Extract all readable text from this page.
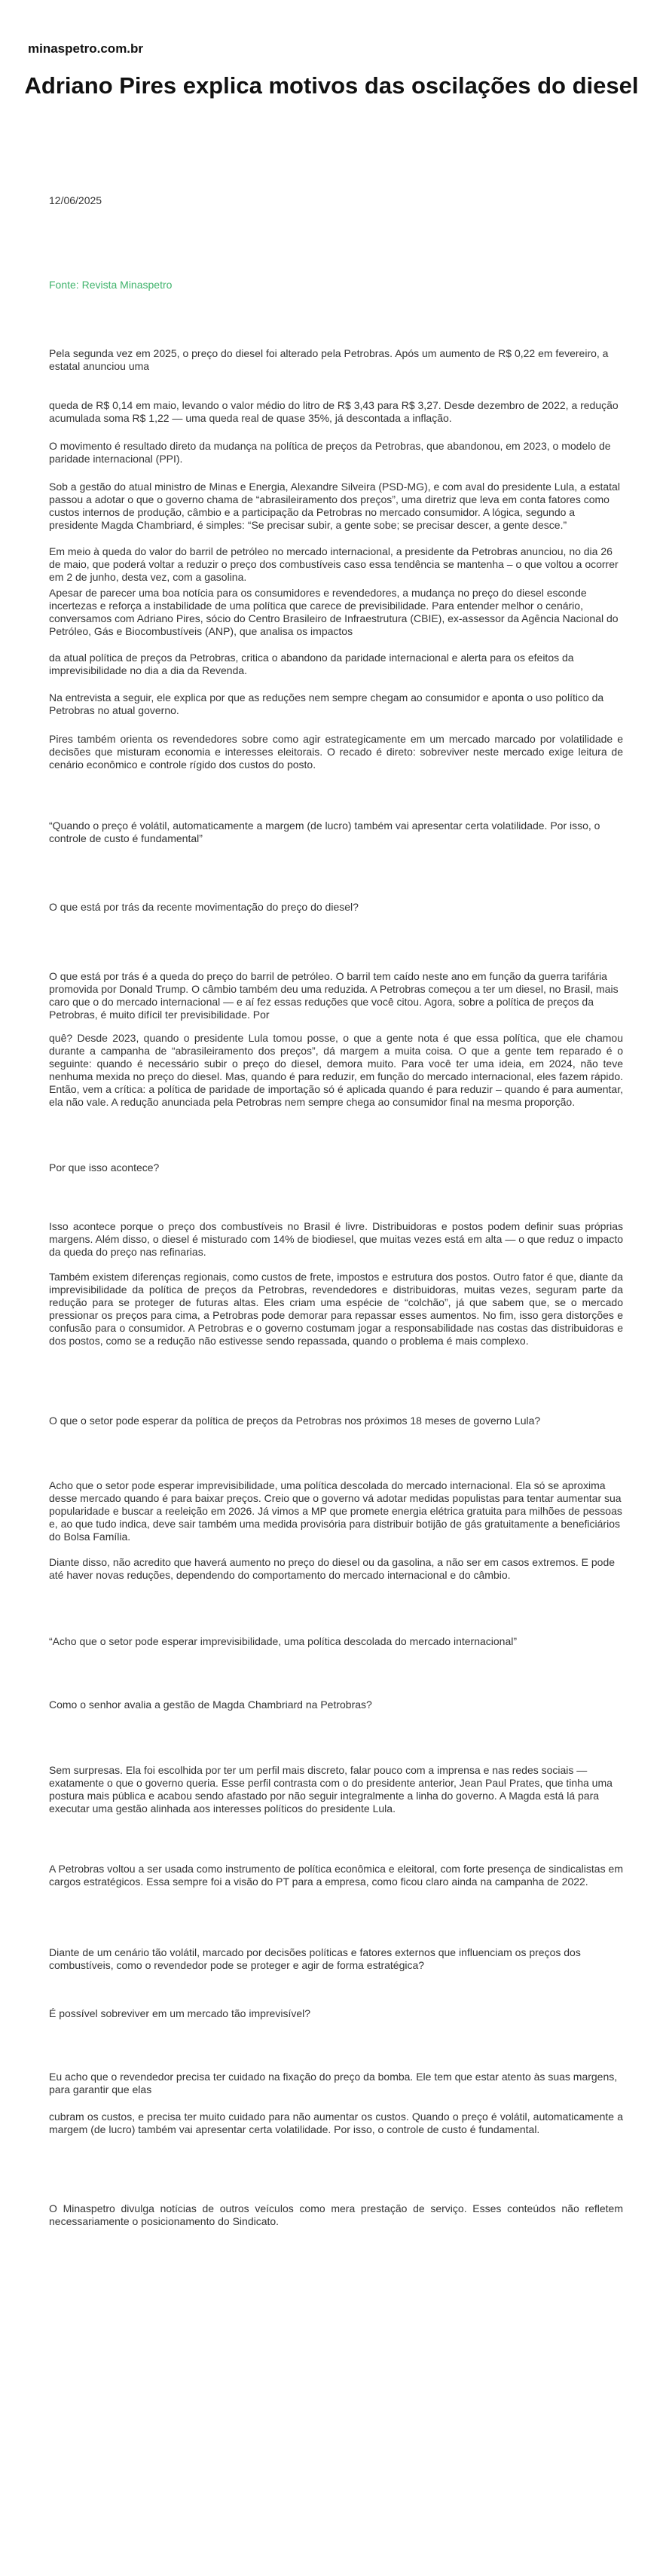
minaspetro.com.br

Adriano Pires explica motivos das oscilações do diesel

12/06/2025

Fonte: Revista Minaspetro

Pela segunda vez em 2025, o preço do diesel foi alterado pela Petrobras. Após um aumento de R$ 0,22 em fevereiro, a estatal anunciou uma

queda de R$ 0,14 em maio, levando o valor médio do litro de R$ 3,43 para R$ 3,27. Desde dezembro de 2022, a redução acumulada soma R$ 1,22 — uma queda real de quase 35%, já descontada a inflação.

O movimento é resultado direto da mudança na política de preços da Petrobras, que abandonou, em 2023, o modelo de paridade internacional (PPI).

Sob a gestão do atual ministro de Minas e Energia, Alexandre Silveira (PSD-MG), e com aval do presidente Lula, a estatal passou a adotar o que o governo chama de “abrasileiramento dos preços”, uma diretriz que leva em conta fatores como custos internos de produção, câmbio e a participação da Petrobras no mercado consumidor. A lógica, segundo a presidente Magda Chambriard, é simples: “Se precisar subir, a gente sobe; se precisar descer, a gente desce.”

Em meio à queda do valor do barril de petróleo no mercado internacional, a presidente da Petrobras anunciou, no dia 26 de maio, que poderá voltar a reduzir o preço dos combustíveis caso essa tendência se mantenha – o que voltou a ocorrer em 2 de junho, desta vez, com a gasolina.

Apesar de parecer uma boa notícia para os consumidores e revendedores, a mudança no preço do diesel esconde incertezas e reforça a instabilidade de uma política que carece de previsibilidade. Para entender melhor o cenário, conversamos com Adriano Pires, sócio do Centro Brasileiro de Infraestrutura (CBIE), ex-assessor da Agência Nacional do Petróleo, Gás e Biocombustíveis (ANP), que analisa os impactos

da atual política de preços da Petrobras, critica o abandono da paridade internacional e alerta para os efeitos da imprevisibilidade no dia a dia da Revenda.

Na entrevista a seguir, ele explica por que as reduções nem sempre chegam ao consumidor e aponta o uso político da Petrobras no atual governo.

Pires também orienta os revendedores sobre como agir estrategicamente em um mercado marcado por volatilidade e decisões que misturam economia e interesses eleitorais. O recado é direto: sobreviver neste mercado exige leitura de cenário econômico e controle rígido dos custos do posto.

“Quando o preço é volátil, automaticamente a margem (de lucro) também vai apresentar certa volatilidade. Por isso, o controle de custo é fundamental”

O que está por trás da recente movimentação do preço do diesel?

O que está por trás é a queda do preço do barril de petróleo. O barril tem caído neste ano em função da guerra tarifária promovida por Donald Trump. O câmbio também deu uma reduzida. A Petrobras começou a ter um diesel, no Brasil, mais caro que o do mercado internacional — e aí fez essas reduções que você citou. Agora, sobre a política de preços da Petrobras, é muito difícil ter previsibilidade. Por

quê? Desde 2023, quando o presidente Lula tomou posse, o que a gente nota é que essa política, que ele chamou durante a campanha de “abrasileiramento dos preços”, dá margem a muita coisa. O que a gente tem reparado é o seguinte: quando é necessário subir o preço do diesel, demora muito. Para você ter uma ideia, em 2024, não teve nenhuma mexida no preço do diesel. Mas, quando é para reduzir, em função do mercado internacional, eles fazem rápido. Então, vem a crítica: a política de paridade de importação só é aplicada quando é para reduzir – quando é para aumentar, ela não vale. A redução anunciada pela Petrobras nem sempre chega ao consumidor final na mesma proporção.

Por que isso acontece?

Isso acontece porque o preço dos combustíveis no Brasil é livre. Distribuidoras e postos podem definir suas próprias margens. Além disso, o diesel é misturado com 14% de biodiesel, que muitas vezes está em alta — o que reduz o impacto da queda do preço nas refinarias.

Também existem diferenças regionais, como custos de frete, impostos e estrutura dos postos. Outro fator é que, diante da imprevisibilidade da política de preços da Petrobras, revendedores e distribuidoras, muitas vezes, seguram parte da redução para se proteger de futuras altas. Eles criam uma espécie de “colchão”, já que sabem que, se o mercado pressionar os preços para cima, a Petrobras pode demorar para repassar esses aumentos. No fim, isso gera distorções e confusão para o consumidor. A Petrobras e o governo costumam jogar a responsabilidade nas costas das distribuidoras e dos postos, como se a redução não estivesse sendo repassada, quando o problema é mais complexo.

O que o setor pode esperar da política de preços da Petrobras nos próximos 18 meses de governo Lula?

Acho que o setor pode esperar imprevisibilidade, uma política descolada do mercado internacional. Ela só se aproxima desse mercado quando é para baixar preços. Creio que o governo vá adotar medidas populistas para tentar aumentar sua popularidade e buscar a reeleição em 2026. Já vimos a MP que promete energia elétrica gratuita para milhões de pessoas e, ao que tudo indica, deve sair também uma medida provisória para distribuir botijão de gás gratuitamente a beneficiários do Bolsa Família.

Diante disso, não acredito que haverá aumento no preço do diesel ou da gasolina, a não ser em casos extremos. E pode até haver novas reduções, dependendo do comportamento do mercado internacional e do câmbio.

“Acho que o setor pode esperar imprevisibilidade, uma política descolada do mercado internacional”

Como o senhor avalia a gestão de Magda Chambriard na Petrobras?

Sem surpresas. Ela foi escolhida por ter um perfil mais discreto, falar pouco com a imprensa e nas redes sociais — exatamente o que o governo queria. Esse perfil contrasta com o do presidente anterior, Jean Paul Prates, que tinha uma postura mais pública e acabou sendo afastado por não seguir integralmente a linha do governo. A Magda está lá para executar uma gestão alinhada aos interesses políticos do presidente Lula.

A Petrobras voltou a ser usada como instrumento de política econômica e eleitoral, com forte presença de sindicalistas em cargos estratégicos. Essa sempre foi a visão do PT para a empresa, como ficou claro ainda na campanha de 2022.

Diante de um cenário tão volátil, marcado por decisões políticas e fatores externos que influenciam os preços dos combustíveis, como o revendedor pode se proteger e agir de forma estratégica?

É possível sobreviver em um mercado tão imprevisível?

Eu acho que o revendedor precisa ter cuidado na fixação do preço da bomba. Ele tem que estar atento às suas margens, para garantir que elas

cubram os custos, e precisa ter muito cuidado para não aumentar os custos. Quando o preço é volátil, automaticamente a margem (de lucro) também vai apresentar certa volatilidade. Por isso, o controle de custo é fundamental.

O Minaspetro divulga notícias de outros veículos como mera prestação de serviço. Esses conteúdos não refletem necessariamente o posicionamento do Sindicato.
